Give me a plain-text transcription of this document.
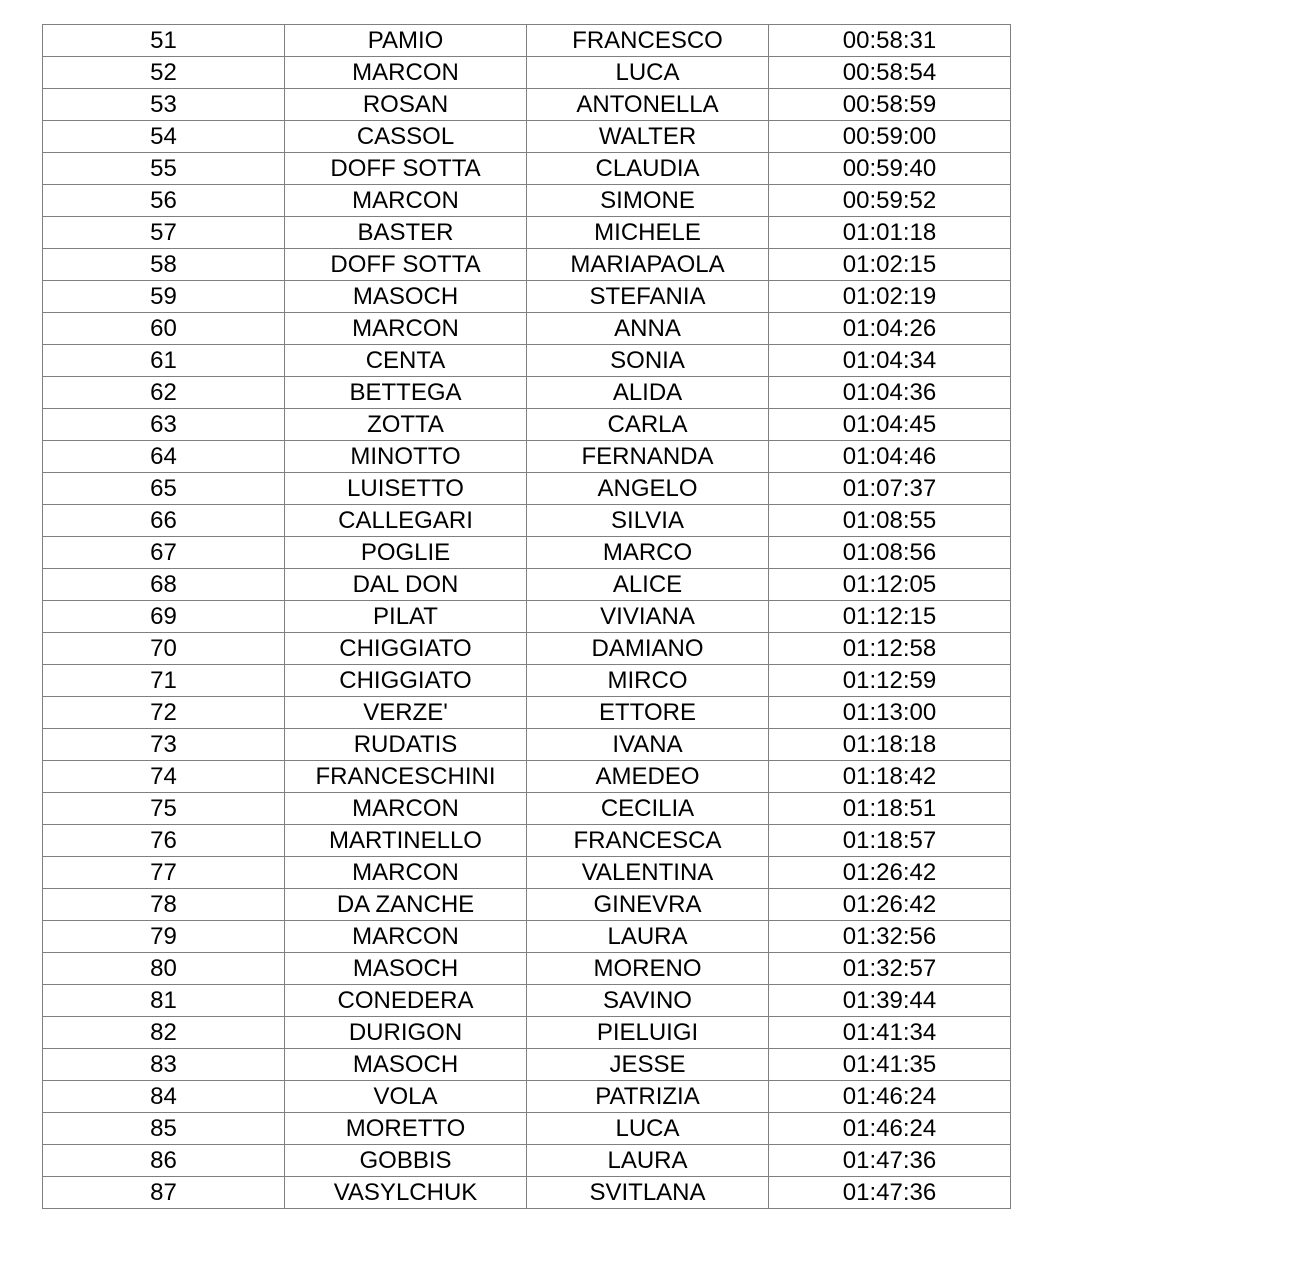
51	PAMIO	FRANCESCO	00:58:31
52	MARCON	LUCA	00:58:54
53	ROSAN	ANTONELLA	00:58:59
54	CASSOL	WALTER	00:59:00
55	DOFF SOTTA	CLAUDIA	00:59:40
56	MARCON	SIMONE	00:59:52
57	BASTER	MICHELE	01:01:18
58	DOFF SOTTA	MARIAPAOLA	01:02:15
59	MASOCH	STEFANIA	01:02:19
60	MARCON	ANNA	01:04:26
61	CENTA	SONIA	01:04:34
62	BETTEGA	ALIDA	01:04:36
63	ZOTTA	CARLA	01:04:45
64	MINOTTO	FERNANDA	01:04:46
65	LUISETTO	ANGELO	01:07:37
66	CALLEGARI	SILVIA	01:08:55
67	POGLIE	MARCO	01:08:56
68	DAL DON	ALICE	01:12:05
69	PILAT	VIVIANA	01:12:15
70	CHIGGIATO	DAMIANO	01:12:58
71	CHIGGIATO	MIRCO	01:12:59
72	VERZE'	ETTORE	01:13:00
73	RUDATIS	IVANA	01:18:18
74	FRANCESCHINI	AMEDEO	01:18:42
75	MARCON	CECILIA	01:18:51
76	MARTINELLO	FRANCESCA	01:18:57
77	MARCON	VALENTINA	01:26:42
78	DA ZANCHE	GINEVRA	01:26:42
79	MARCON	LAURA	01:32:56
80	MASOCH	MORENO	01:32:57
81	CONEDERA	SAVINO	01:39:44
82	DURIGON	PIELUIGI	01:41:34
83	MASOCH	JESSE	01:41:35
84	VOLA	PATRIZIA	01:46:24
85	MORETTO	LUCA	01:46:24
86	GOBBIS	LAURA	01:47:36
87	VASYLCHUK	SVITLANA	01:47:36
